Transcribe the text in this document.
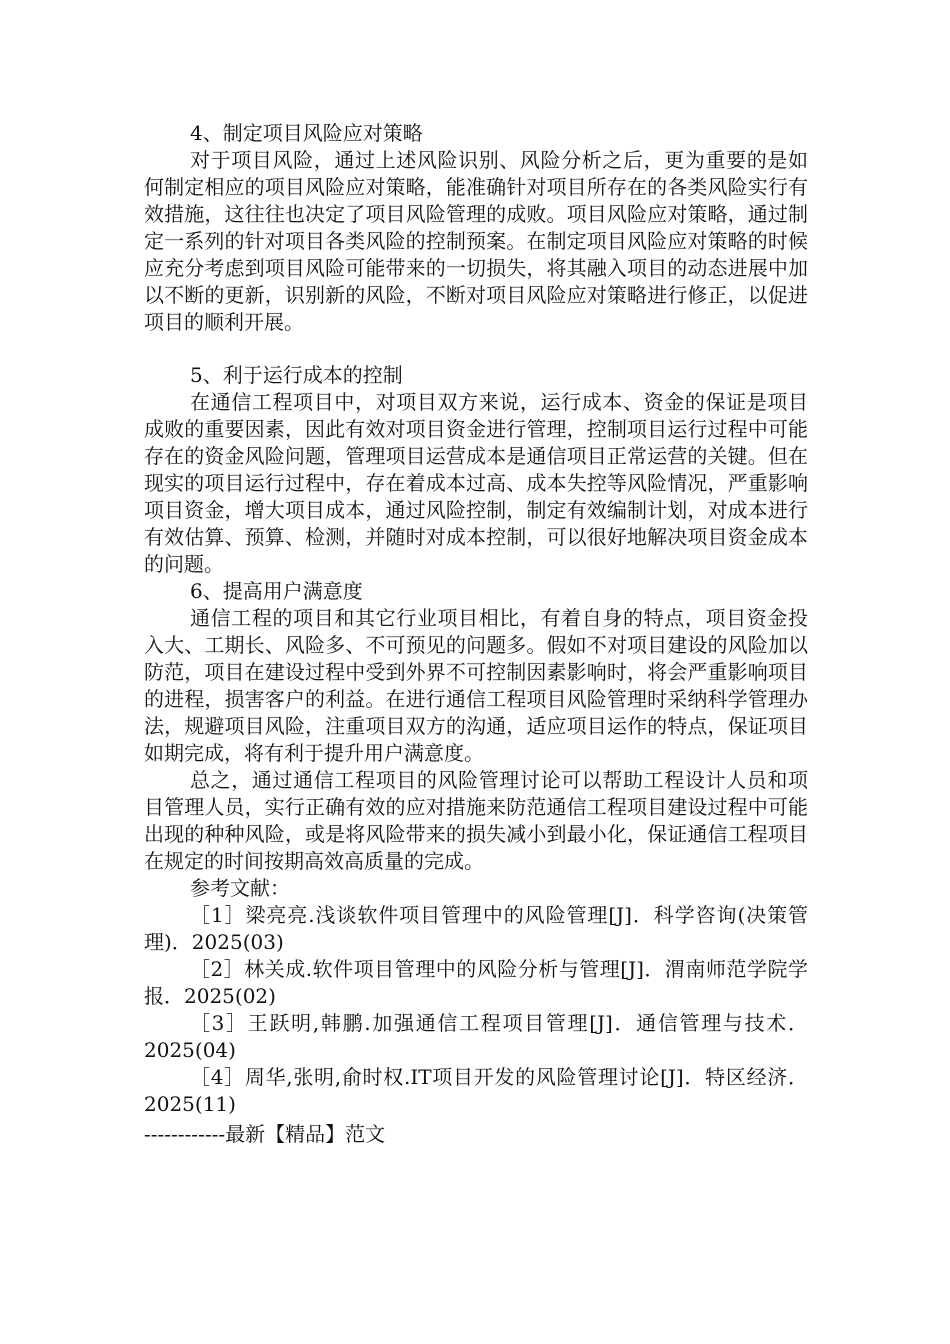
4、制定项目风险应对策略

对于项目风险，通过上述风险识别、风险分析之后，更为重要的是如何制定相应的项目风险应对策略，能准确针对项目所存在的各类风险实行有效措施，这往往也决定了项目风险管理的成败。项目风险应对策略，通过制定一系列的针对项目各类风险的控制预案。在制定项目风险应对策略的时候应充分考虑到项目风险可能带来的一切损失，将其融入项目的动态进展中加以不断的更新，识别新的风险，不断对项目风险应对策略进行修正，以促进项目的顺利开展。

5、利于运行成本的控制

在通信工程项目中，对项目双方来说，运行成本、资金的保证是项目成败的重要因素，因此有效对项目资金进行管理，控制项目运行过程中可能存在的资金风险问题，管理项目运营成本是通信项目正常运营的关键。但在现实的项目运行过程中，存在着成本过高、成本失控等风险情况，严重影响项目资金，增大项目成本，通过风险控制，制定有效编制计划，对成本进行有效估算、预算、检测，并随时对成本控制，可以很好地解决项目资金成本的问题。

6、提高用户满意度

通信工程的项目和其它行业项目相比，有着自身的特点，项目资金投入大、工期长、风险多、不可预见的问题多。假如不对项目建设的风险加以防范，项目在建设过程中受到外界不可控制因素影响时，将会严重影响项目的进程，损害客户的利益。在进行通信工程项目风险管理时采纳科学管理办法，规避项目风险，注重项目双方的沟通，适应项目运作的特点，保证项目如期完成，将有利于提升用户满意度。

总之，通过通信工程项目的风险管理讨论可以帮助工程设计人员和项目管理人员，实行正确有效的应对措施来防范通信工程项目建设过程中可能出现的种种风险，或是将风险带来的损失减小到最小化，保证通信工程项目在规定的时间按期高效高质量的完成。

参考文献：

［1］梁亮亮.浅谈软件项目管理中的风险管理[J]．科学咨询(决策管理)．2025(03)

［2］林关成.软件项目管理中的风险分析与管理[J]．渭南师范学院学报．2025(02)

［3］王跃明,韩鹏.加强通信工程项目管理[J]．通信管理与技术．2025(04)

［4］周华,张明,俞时权.IT项目开发的风险管理讨论[J]．特区经济．2025(11)

------------最新【精品】范文
